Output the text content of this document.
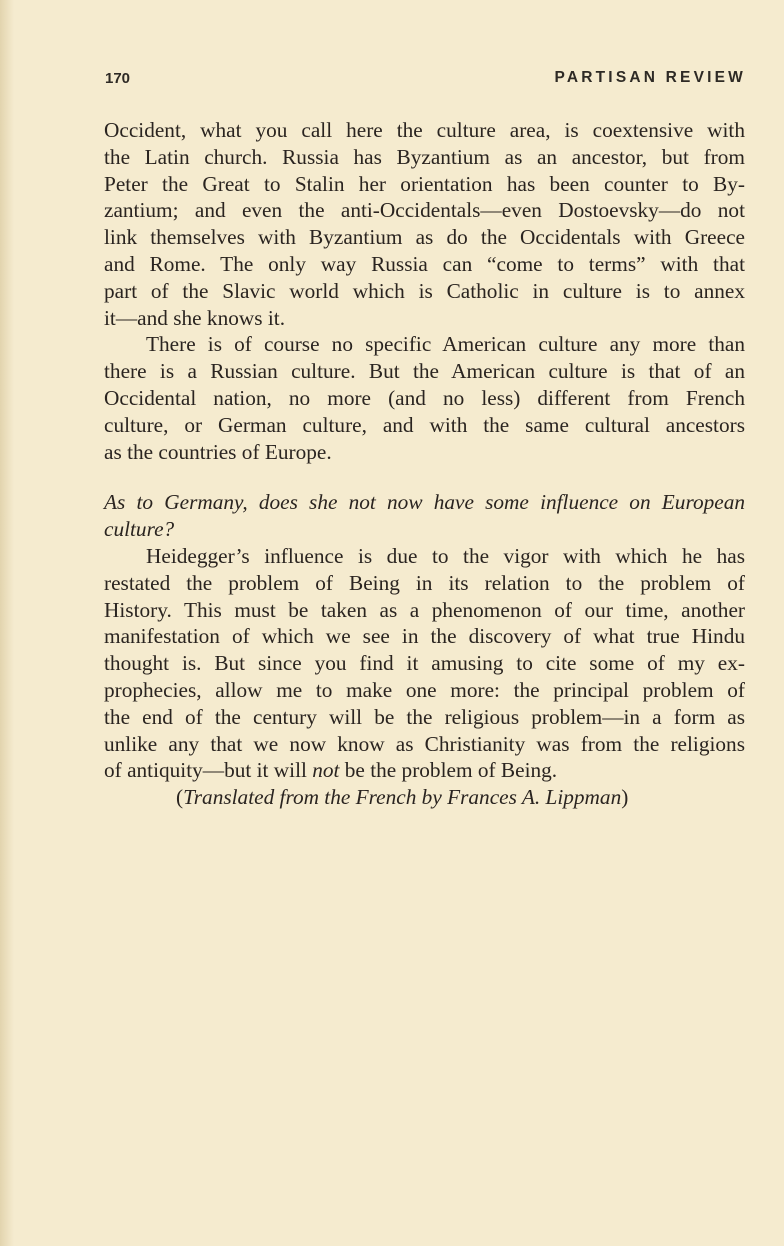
170	PARTISAN REVIEW
Occident, what you call here the culture area, is coextensive with
the Latin church. Russia has Byzantium as an ancestor, but from
Peter the Great to Stalin her orientation has been counter to By-
zantium; and even the anti-Occidentals—even Dostoevsky—do not
link themselves with Byzantium as do the Occidentals with Greece
and Rome. The only way Russia can “come to terms” with that
part of the Slavic world which is Catholic in culture is to annex
it—and she knows it.
There is of course no specific American culture any more than
there is a Russian culture. But the American culture is that of an
Occidental nation, no more (and no less) different from French
culture, or German culture, and with the same cultural ancestors
as the countries of Europe.
As to Germany, does she not now have some influence on European
culture?
Heidegger’s influence is due to the vigor with which he has
restated the problem of Being in its relation to the problem of
History. This must be taken as a phenomenon of our time, another
manifestation of which we see in the discovery of what true Hindu
thought is. But since you find it amusing to cite some of my ex-
prophecies, allow me to make one more: the principal problem of
the end of the century will be the religious problem—in a form as
unlike any that we now know as Christianity was from the religions
of antiquity—but it will not be the problem of Being.
(Translated from the French by Frances A. Lippman)
